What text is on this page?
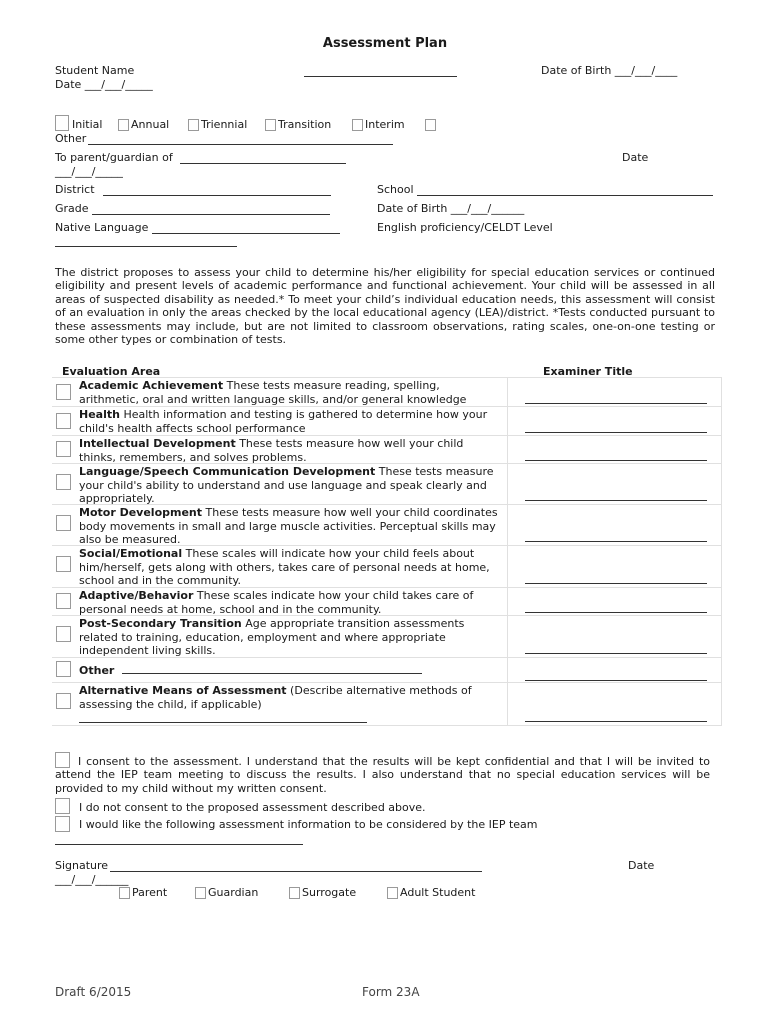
Assessment Plan
Student Name	Date of Birth ___/___/____
Date ___/___/_____
Initial	Annual	Triennial	Transition	Interim
Other
To parent/guardian of	Date
___/___/_____
District	School
Grade	Date of Birth ___/___/______
Native Language	English proficiency/CELDT Level
The district proposes to assess your child to determine his/her eligibility for special education services or continued eligibility and present levels of academic performance and functional achievement. Your child will be assessed in all areas of suspected disability as needed.* To meet your child’s individual education needs, this assessment will consist of an evaluation in only the areas checked by the local educational agency (LEA)/district. *Tests conducted pursuant to these assessments may include, but are not limited to classroom observations, rating scales, one-on-one testing or some other types or combination of tests.
Evaluation Area	Examiner Title
Academic Achievement These tests measure reading, spelling, arithmetic, oral and written language skills, and/or general knowledge
Health Health information and testing is gathered to determine how your child's health affects school performance
Intellectual Development These tests measure how well your child thinks, remembers, and solves problems.
Language/Speech Communication Development These tests measure your child's ability to understand and use language and speak clearly and appropriately.
Motor Development These tests measure how well your child coordinates body movements in small and large muscle activities. Perceptual skills may also be measured.
Social/Emotional These scales will indicate how your child feels about him/herself, gets along with others, takes care of personal needs at home, school and in the community.
Adaptive/Behavior These scales indicate how your child takes care of personal needs at home, school and in the community.
Post-Secondary Transition Age appropriate transition assessments related to training, education, employment and where appropriate independent living skills.
Other
Alternative Means of Assessment (Describe alternative methods of assessing the child, if applicable)
I consent to the assessment. I understand that the results will be kept confidential and that I will be invited to attend the IEP team meeting to discuss the results. I also understand that no special education services will be provided to my child without my written consent.
I do not consent to the proposed assessment described above.
I would like the following assessment information to be considered by the IEP team
Signature	Date
___/___/______
Parent	Guardian	Surrogate	Adult Student
Draft 6/2015	Form 23A
